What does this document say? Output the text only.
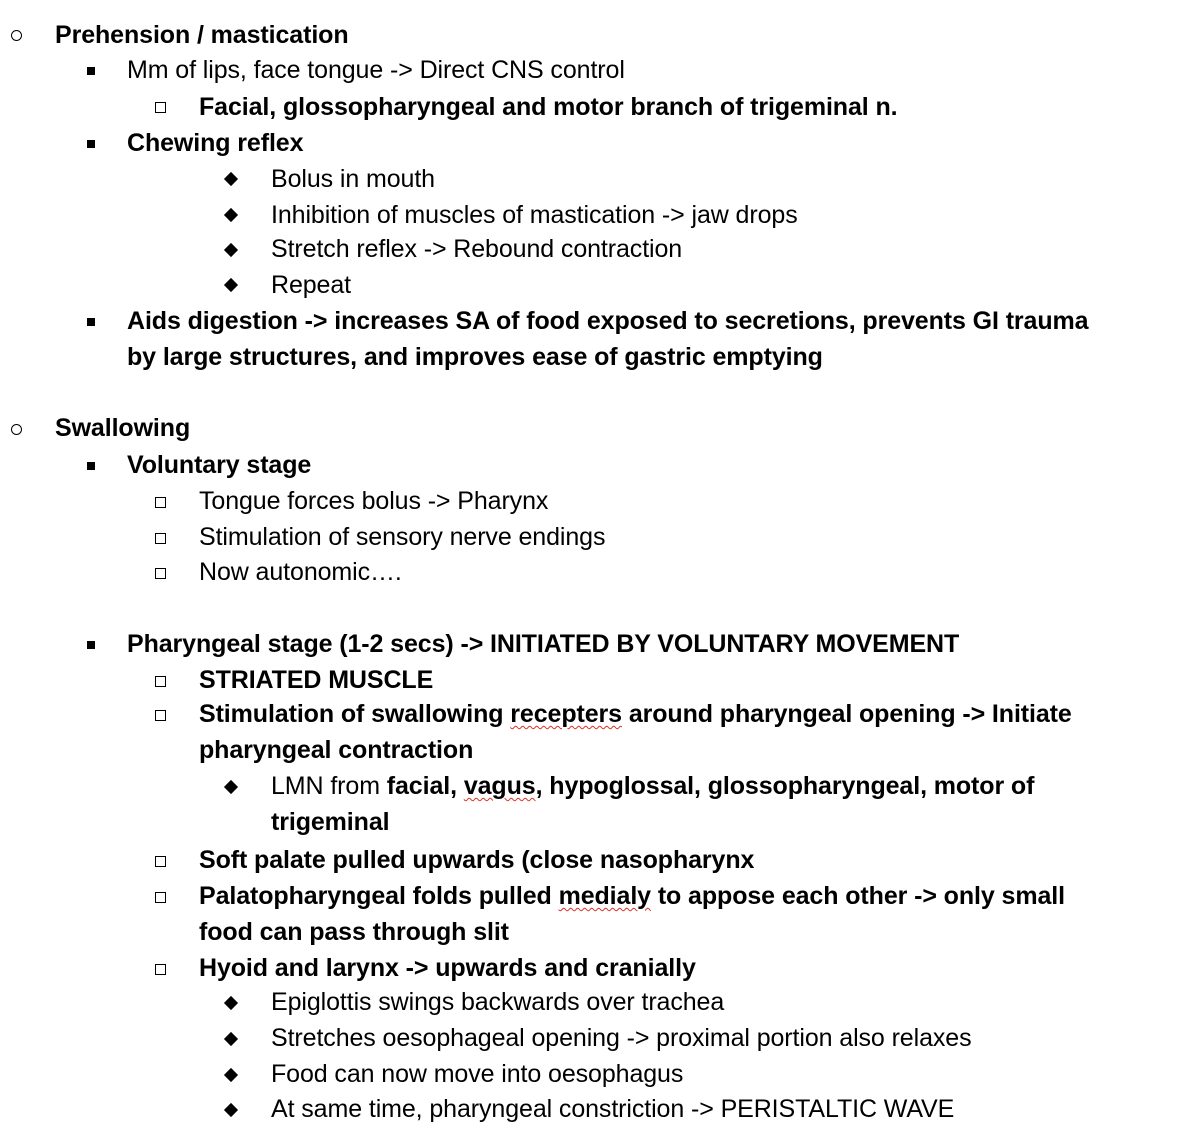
Prehension / mastication
Mm of lips, face tongue -> Direct CNS control
Facial, glossopharyngeal and motor branch of trigeminal n.
Chewing reflex
Bolus in mouth
Inhibition of muscles of mastication -> jaw drops
Stretch reflex -> Rebound contraction
Repeat
Aids digestion -> increases SA of food exposed to secretions, prevents GI trauma
by large structures, and improves ease of gastric emptying
Swallowing
Voluntary stage
Tongue forces bolus -> Pharynx
Stimulation of sensory nerve endings
Now autonomic….
Pharyngeal stage (1-2 secs) -> INITIATED BY VOLUNTARY MOVEMENT
STRIATED MUSCLE
Stimulation of swallowing recepters around pharyngeal opening -> Initiate
pharyngeal contraction
LMN from facial, vagus, hypoglossal, glossopharyngeal, motor of
trigeminal
Soft palate pulled upwards (close nasopharynx
Palatopharyngeal folds pulled medialy to appose each other -> only small
food can pass through slit
Hyoid and larynx -> upwards and cranially
Epiglottis swings backwards over trachea
Stretches oesophageal opening -> proximal portion also relaxes
Food can now move into oesophagus
At same time, pharyngeal constriction -> PERISTALTIC WAVE
